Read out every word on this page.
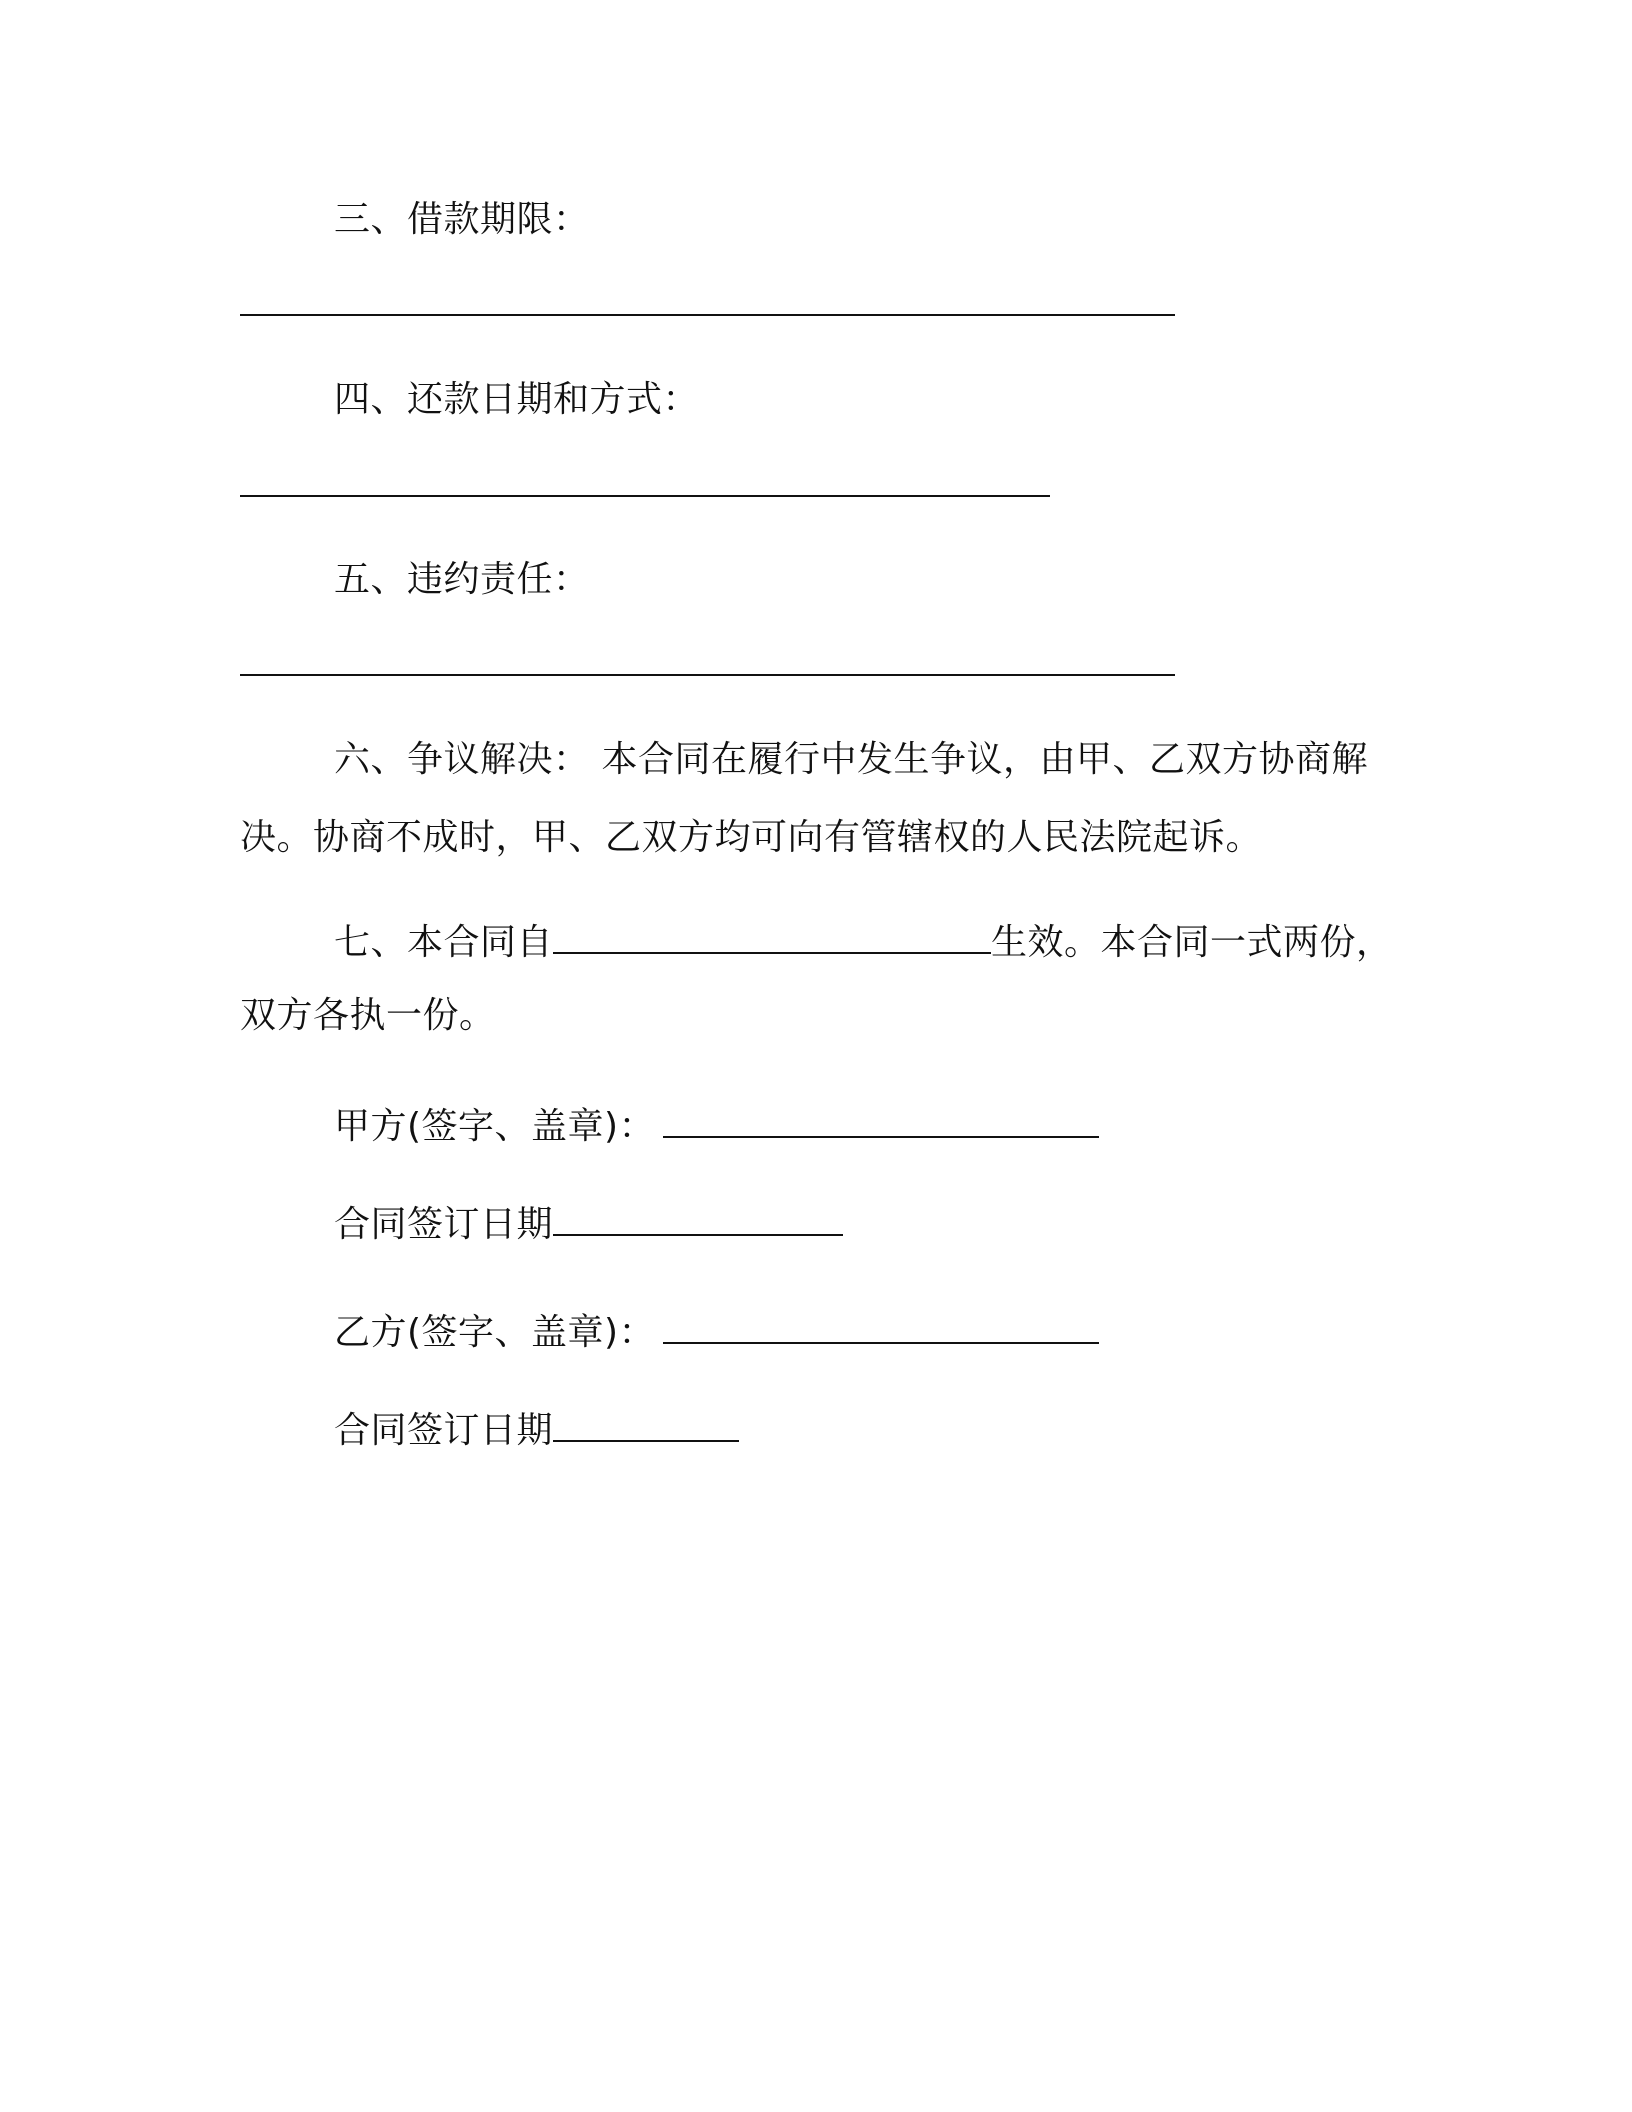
三、借款期限：
四、还款日期和方式：
五、违约责任：
六、争议解决： 本合同在履行中发生争议，由甲、乙双方协商解
决。协商不成时，甲、乙双方均可向有管辖权的人民法院起诉。
七、本合同自	生效。本合同一式两份，
双方各执一份。
甲方(签字、盖章)：
合同签订日期
乙方(签字、盖章)：
合同签订日期
